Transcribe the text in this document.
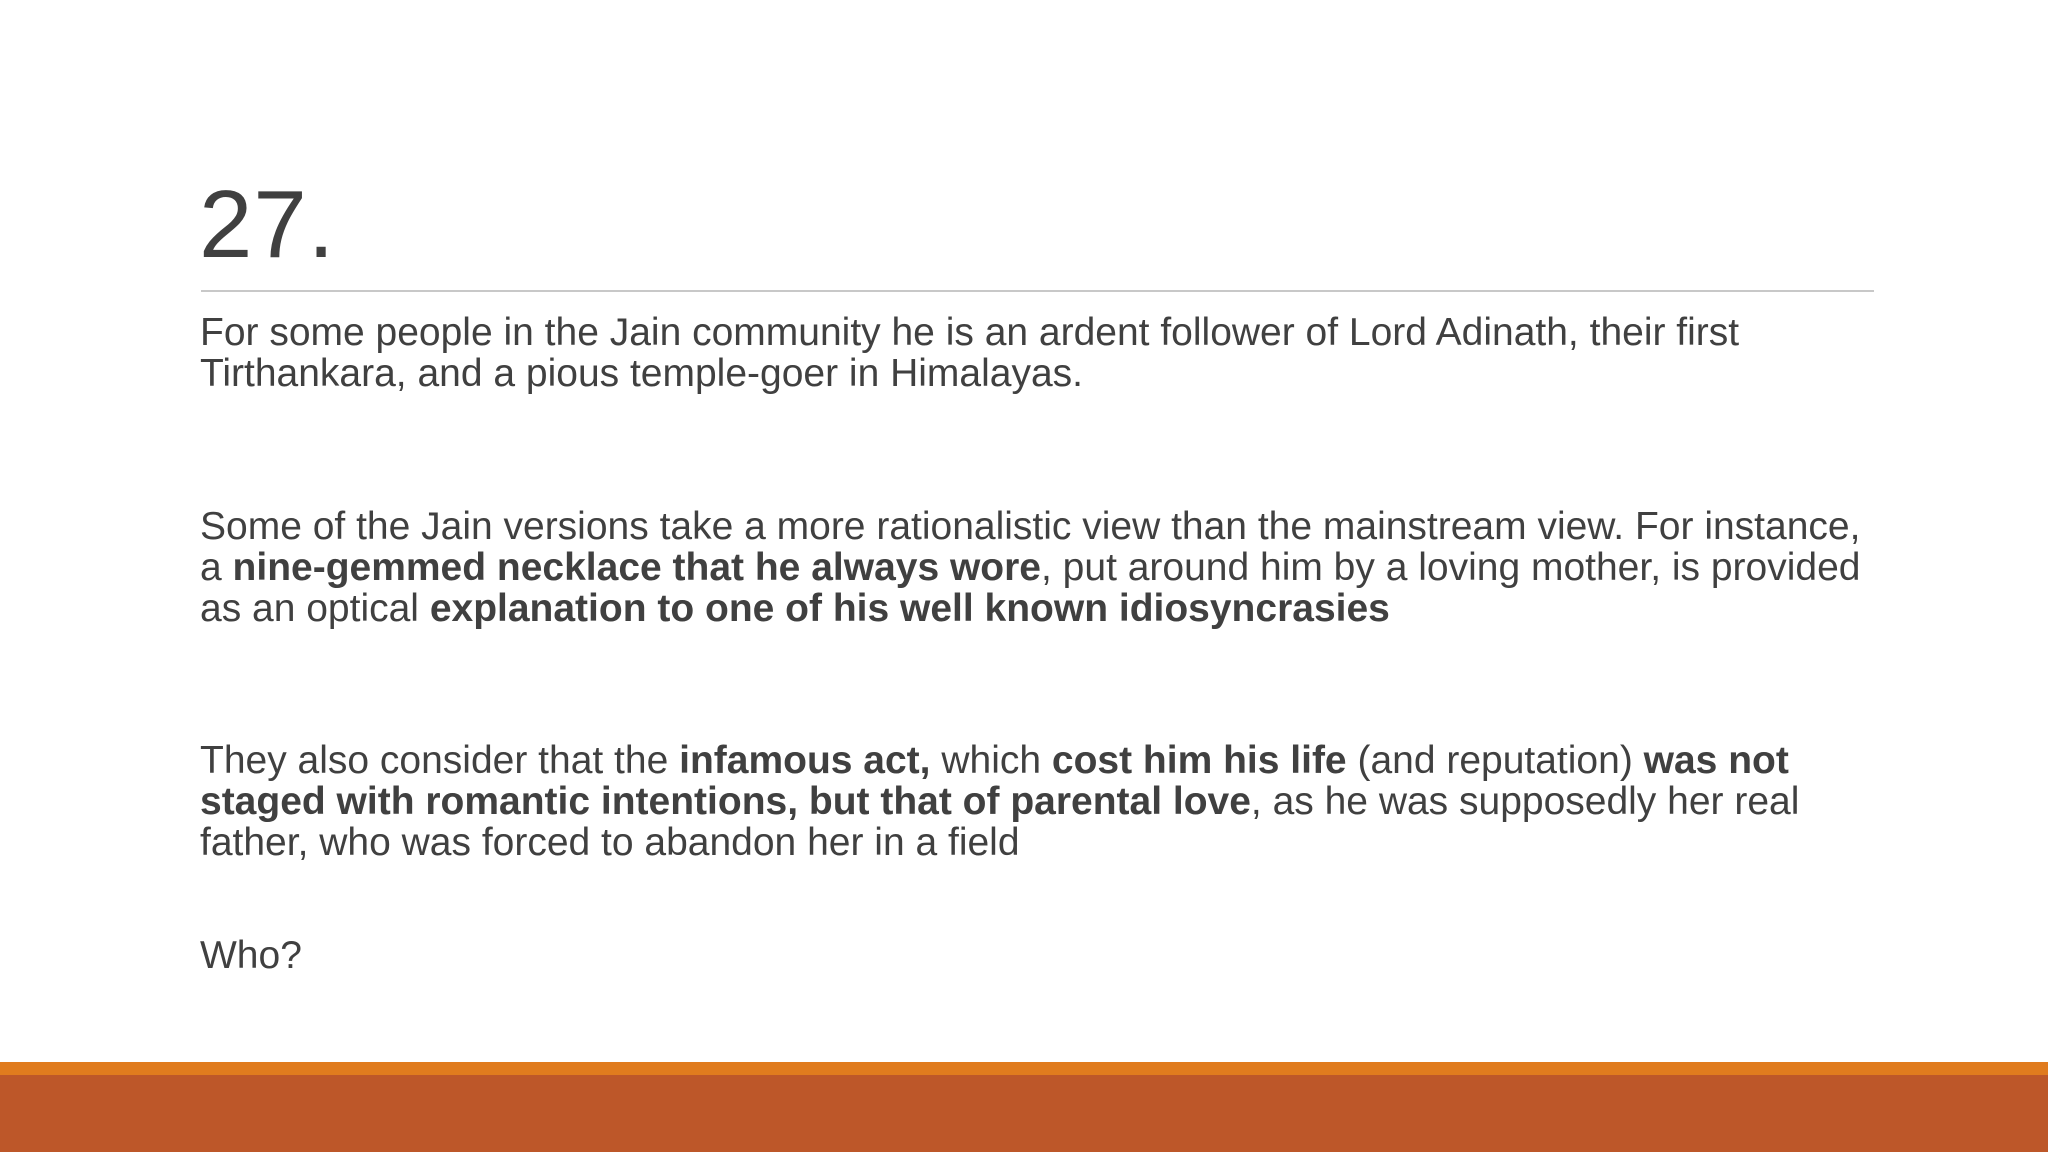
27.

For some people in the Jain community he is an ardent follower of Lord Adinath, their first Tirthankara, and a pious temple-goer in Himalayas.

Some of the Jain versions take a more rationalistic view than the mainstream view. For instance, a nine-gemmed necklace that he always wore, put around him by a loving mother, is provided as an optical explanation to one of his well known idiosyncrasies

They also consider that the infamous act, which cost him his life (and reputation) was not staged with romantic intentions, but that of parental love, as he was supposedly her real father, who was forced to abandon her in a field

Who?
